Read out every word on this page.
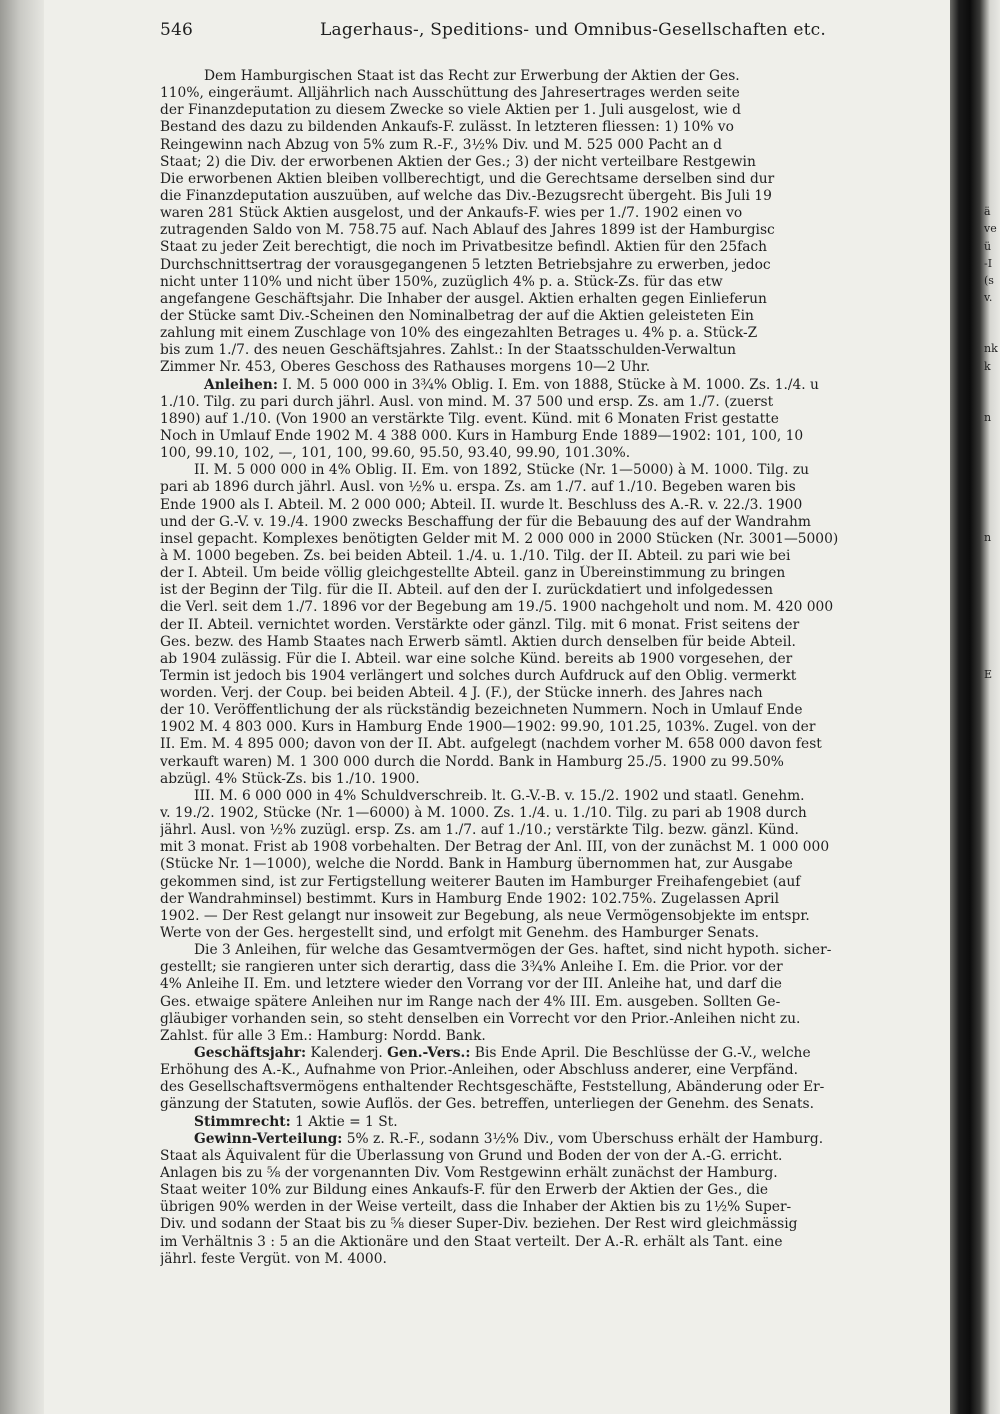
ä
ve
ü
-I
(s
v.
nk
k
n
n
E
546	Lagerhaus-, Speditions- und Omnibus-Gesellschaften etc.
Dem Hamburgischen Staat ist das Recht zur Erwerbung der Aktien der Ges.
110%, eingeräumt. Alljährlich nach Ausschüttung des Jahresertrages werden seite
der Finanzdeputation zu diesem Zwecke so viele Aktien per 1. Juli ausgelost, wie d
Bestand des dazu zu bildenden Ankaufs-F. zulässt. In letzteren fliessen: 1) 10% vo
Reingewinn nach Abzug von 5% zum R.-F., 3½% Div. und M. 525 000 Pacht an d
Staat; 2) die Div. der erworbenen Aktien der Ges.; 3) der nicht verteilbare Restgewin
Die erworbenen Aktien bleiben vollberechtigt, und die Gerechtsame derselben sind dur
die Finanzdeputation auszuüben, auf welche das Div.-Bezugsrecht übergeht. Bis Juli 19
waren 281 Stück Aktien ausgelost, und der Ankaufs-F. wies per 1./7. 1902 einen vo
zutragenden Saldo von M. 758.75 auf. Nach Ablauf des Jahres 1899 ist der Hamburgisc
Staat zu jeder Zeit berechtigt, die noch im Privatbesitze befindl. Aktien für den 25fach
Durchschnittsertrag der vorausgegangenen 5 letzten Betriebsjahre zu erwerben, jedoc
nicht unter 110% und nicht über 150%, zuzüglich 4% p. a. Stück-Zs. für das etw
angefangene Geschäftsjahr. Die Inhaber der ausgel. Aktien erhalten gegen Einlieferun
der Stücke samt Div.-Scheinen den Nominalbetrag der auf die Aktien geleisteten Ein
zahlung mit einem Zuschlage von 10% des eingezahlten Betrages u. 4% p. a. Stück-Z
bis zum 1./7. des neuen Geschäftsjahres. Zahlst.: In der Staatsschulden-Verwaltun
Zimmer Nr. 453, Oberes Geschoss des Rathauses morgens 10—2 Uhr.
Anleihen: I. M. 5 000 000 in 3¾% Oblig. I. Em. von 1888, Stücke à M. 1000. Zs. 1./4. u
1./10. Tilg. zu pari durch jährl. Ausl. von mind. M. 37 500 und ersp. Zs. am 1./7. (zuerst
1890) auf 1./10. (Von 1900 an verstärkte Tilg. event. Künd. mit 6 Monaten Frist gestatte
Noch in Umlauf Ende 1902 M. 4 388 000. Kurs in Hamburg Ende 1889—1902: 101, 100, 10
100, 99.10, 102, —, 101, 100, 99.60, 95.50, 93.40, 99.90, 101.30%.
II. M. 5 000 000 in 4% Oblig. II. Em. von 1892, Stücke (Nr. 1—5000) à M. 1000. Tilg. zu
pari ab 1896 durch jährl. Ausl. von ½% u. erspa. Zs. am 1./7. auf 1./10. Begeben waren bis
Ende 1900 als I. Abteil. M. 2 000 000; Abteil. II. wurde lt. Beschluss des A.-R. v. 22./3. 1900
und der G.-V. v. 19./4. 1900 zwecks Beschaffung der für die Bebauung des auf der Wandrahm
insel gepacht. Komplexes benötigten Gelder mit M. 2 000 000 in 2000 Stücken (Nr. 3001—5000)
à M. 1000 begeben. Zs. bei beiden Abteil. 1./4. u. 1./10. Tilg. der II. Abteil. zu pari wie bei
der I. Abteil. Um beide völlig gleichgestellte Abteil. ganz in Übereinstimmung zu bringen
ist der Beginn der Tilg. für die II. Abteil. auf den der I. zurückdatiert und infolgedessen
die Verl. seit dem 1./7. 1896 vor der Begebung am 19./5. 1900 nachgeholt und nom. M. 420 000
der II. Abteil. vernichtet worden. Verstärkte oder gänzl. Tilg. mit 6 monat. Frist seitens der
Ges. bezw. des Hamb Staates nach Erwerb sämtl. Aktien durch denselben für beide Abteil.
ab 1904 zulässig. Für die I. Abteil. war eine solche Künd. bereits ab 1900 vorgesehen, der
Termin ist jedoch bis 1904 verlängert und solches durch Aufdruck auf den Oblig. vermerkt
worden. Verj. der Coup. bei beiden Abteil. 4 J. (F.), der Stücke innerh. des Jahres nach
der 10. Veröffentlichung der als rückständig bezeichneten Nummern. Noch in Umlauf Ende
1902 M. 4 803 000. Kurs in Hamburg Ende 1900—1902: 99.90, 101.25, 103%. Zugel. von der
II. Em. M. 4 895 000; davon von der II. Abt. aufgelegt (nachdem vorher M. 658 000 davon fest
verkauft waren) M. 1 300 000 durch die Nordd. Bank in Hamburg 25./5. 1900 zu 99.50%
abzügl. 4% Stück-Zs. bis 1./10. 1900.
III. M. 6 000 000 in 4% Schuldverschreib. lt. G.-V.-B. v. 15./2. 1902 und staatl. Genehm.
v. 19./2. 1902, Stücke (Nr. 1—6000) à M. 1000. Zs. 1./4. u. 1./10. Tilg. zu pari ab 1908 durch
jährl. Ausl. von ½% zuzügl. ersp. Zs. am 1./7. auf 1./10.; verstärkte Tilg. bezw. gänzl. Künd.
mit 3 monat. Frist ab 1908 vorbehalten. Der Betrag der Anl. III, von der zunächst M. 1 000 000
(Stücke Nr. 1—1000), welche die Nordd. Bank in Hamburg übernommen hat, zur Ausgabe
gekommen sind, ist zur Fertigstellung weiterer Bauten im Hamburger Freihafengebiet (auf
der Wandrahminsel) bestimmt. Kurs in Hamburg Ende 1902: 102.75%. Zugelassen April
1902. — Der Rest gelangt nur insoweit zur Begebung, als neue Vermögensobjekte im entspr.
Werte von der Ges. hergestellt sind, und erfolgt mit Genehm. des Hamburger Senats.
Die 3 Anleihen, für welche das Gesamtvermögen der Ges. haftet, sind nicht hypoth. sicher-
gestellt; sie rangieren unter sich derartig, dass die 3¾% Anleihe I. Em. die Prior. vor der
4% Anleihe II. Em. und letztere wieder den Vorrang vor der III. Anleihe hat, und darf die
Ges. etwaige spätere Anleihen nur im Range nach der 4% III. Em. ausgeben. Sollten Ge-
gläubiger vorhanden sein, so steht denselben ein Vorrecht vor den Prior.-Anleihen nicht zu.
Zahlst. für alle 3 Em.: Hamburg: Nordd. Bank.
Geschäftsjahr: Kalenderj. Gen.-Vers.: Bis Ende April. Die Beschlüsse der G.-V., welche
Erhöhung des A.-K., Aufnahme von Prior.-Anleihen, oder Abschluss anderer, eine Verpfänd.
des Gesellschaftsvermögens enthaltender Rechtsgeschäfte, Feststellung, Abänderung oder Er-
gänzung der Statuten, sowie Auflös. der Ges. betreffen, unterliegen der Genehm. des Senats.
Stimmrecht: 1 Aktie = 1 St.
Gewinn-Verteilung: 5% z. R.-F., sodann 3½% Div., vom Überschuss erhält der Hamburg.
Staat als Äquivalent für die Überlassung von Grund und Boden der von der A.-G. erricht.
Anlagen bis zu ⅝ der vorgenannten Div. Vom Restgewinn erhält zunächst der Hamburg.
Staat weiter 10% zur Bildung eines Ankaufs-F. für den Erwerb der Aktien der Ges., die
übrigen 90% werden in der Weise verteilt, dass die Inhaber der Aktien bis zu 1½% Super-
Div. und sodann der Staat bis zu ⅝ dieser Super-Div. beziehen. Der Rest wird gleichmässig
im Verhältnis 3 : 5 an die Aktionäre und den Staat verteilt. Der A.-R. erhält als Tant. eine
jährl. feste Vergüt. von M. 4000.
